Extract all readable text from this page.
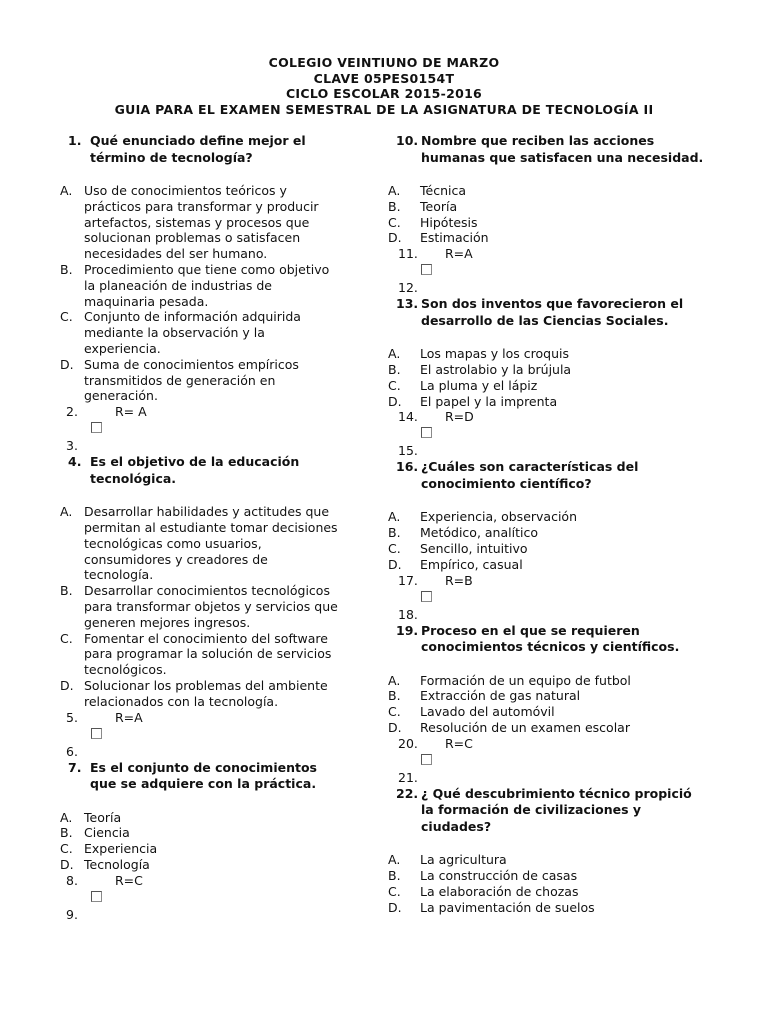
COLEGIO VEINTIUNO DE MARZO
CLAVE 05PES0154T
CICLO ESCOLAR 2015-2016
GUIA PARA EL EXAMEN SEMESTRAL DE LA ASIGNATURA DE TECNOLOGÍA II
1. Qué enunciado define mejor el término de tecnología?
A. Uso de conocimientos teóricos y prácticos para transformar y producir artefactos, sistemas y procesos que solucionan problemas o satisfacen necesidades del ser humano.
B. Procedimiento que tiene como objetivo la planeación de industrias de maquinaria pesada.
C. Conjunto de información adquirida mediante la observación y la experiencia.
D. Suma de conocimientos empíricos transmitidos de generación en generación.
2.	R= A
3.
4. Es el objetivo de la educación tecnológica.
A. Desarrollar habilidades y actitudes que permitan al estudiante tomar decisiones tecnológicas como usuarios, consumidores y creadores de tecnología.
B. Desarrollar conocimientos tecnológicos para transformar objetos y servicios que generen mejores ingresos.
C. Fomentar el conocimiento del software para programar la solución de servicios tecnológicos.
D. Solucionar los problemas del ambiente relacionados con la tecnología.
5.	R=A
6.
7. Es el conjunto de conocimientos que se adquiere con la práctica.
A. Teoría
B. Ciencia
C. Experiencia
D. Tecnología
8.	R=C
9.
10. Nombre que reciben las acciones humanas que satisfacen una necesidad.
A. Técnica
B. Teoría
C. Hipótesis
D. Estimación
11. R=A
12.
13. Son dos inventos que favorecieron el desarrollo de las Ciencias Sociales.
A. Los mapas y los croquis
B. El astrolabio y la brújula
C. La pluma y el lápiz
D. El papel y la imprenta
14. R=D
15.
16. ¿Cuáles son características del conocimiento científico?
A. Experiencia, observación
B. Metódico, analítico
C. Sencillo, intuitivo
D. Empírico, casual
17. R=B
18.
19. Proceso en el que se requieren conocimientos técnicos y científicos.
A. Formación de un equipo de futbol
B. Extracción de gas natural
C. Lavado del automóvil
D. Resolución de un examen escolar
20. R=C
21.
22. ¿ Qué descubrimiento técnico propició la formación de civilizaciones y ciudades?
A. La agricultura
B. La construcción de casas
C. La elaboración de chozas
D. La pavimentación de suelos
